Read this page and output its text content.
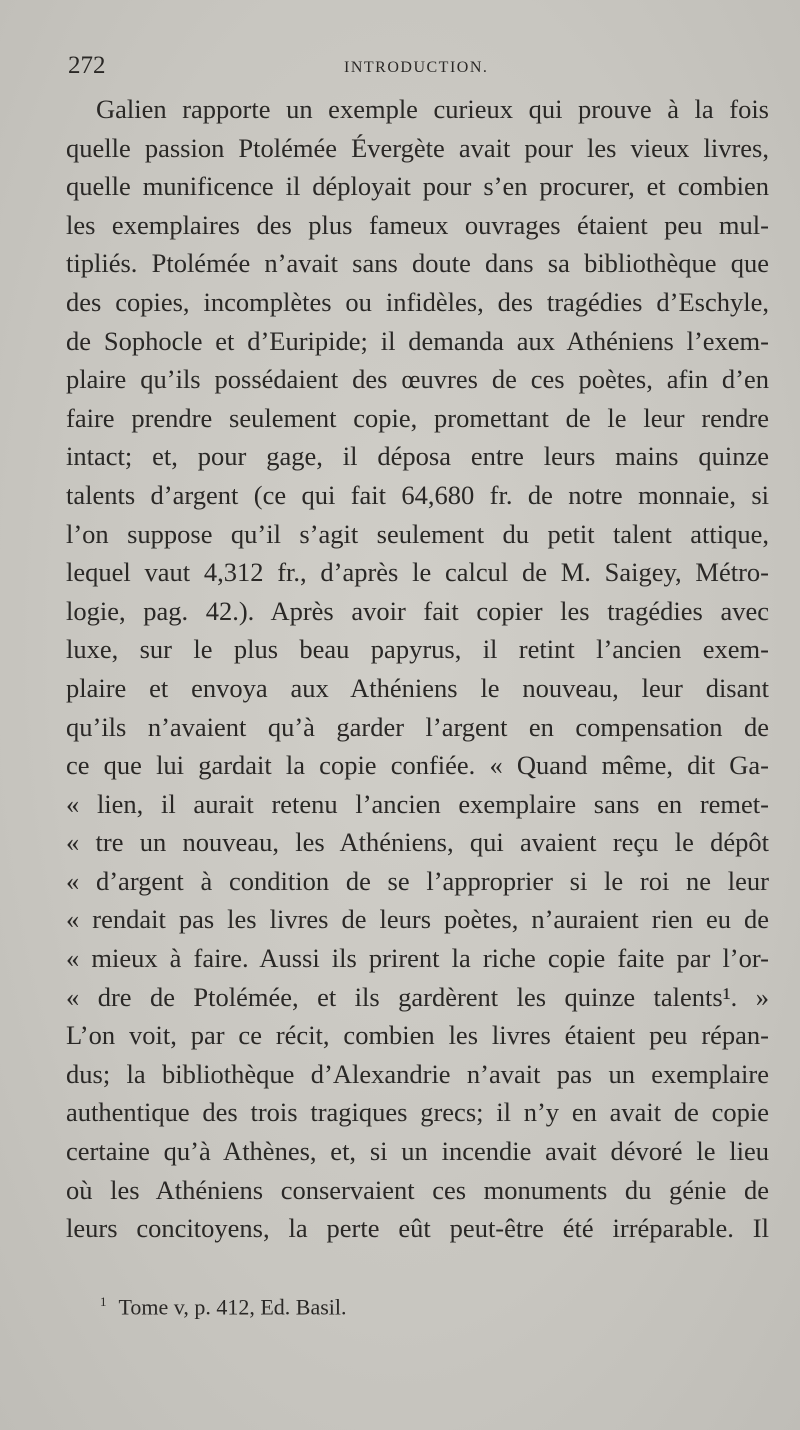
272	INTRODUCTION.
Galien rapporte un exemple curieux qui prouve à la fois
quelle passion Ptolémée Évergète avait pour les vieux livres,
quelle munificence il déployait pour s’en procurer, et combien
les exemplaires des plus fameux ouvrages étaient peu mul-
tipliés. Ptolémée n’avait sans doute dans sa bibliothèque que
des copies, incomplètes ou infidèles, des tragédies d’Eschyle,
de Sophocle et d’Euripide; il demanda aux Athéniens l’exem-
plaire qu’ils possédaient des œuvres de ces poètes, afin d’en
faire prendre seulement copie, promettant de le leur rendre
intact; et, pour gage, il déposa entre leurs mains quinze
talents d’argent (ce qui fait 64,680 fr. de notre monnaie, si
l’on suppose qu’il s’agit seulement du petit talent attique,
lequel vaut 4,312 fr., d’après le calcul de M. Saigey, Métro-
logie, pag. 42.). Après avoir fait copier les tragédies avec
luxe, sur le plus beau papyrus, il retint l’ancien exem-
plaire et envoya aux Athéniens le nouveau, leur disant
qu’ils n’avaient qu’à garder l’argent en compensation de
ce que lui gardait la copie confiée. « Quand même, dit Ga-
« lien, il aurait retenu l’ancien exemplaire sans en remet-
« tre un nouveau, les Athéniens, qui avaient reçu le dépôt
« d’argent à condition de se l’approprier si le roi ne leur
« rendait pas les livres de leurs poètes, n’auraient rien eu de
« mieux à faire. Aussi ils prirent la riche copie faite par l’or-
« dre de Ptolémée, et ils gardèrent les quinze talents¹. »
L’on voit, par ce récit, combien les livres étaient peu répan-
dus; la bibliothèque d’Alexandrie n’avait pas un exemplaire
authentique des trois tragiques grecs; il n’y en avait de copie
certaine qu’à Athènes, et, si un incendie avait dévoré le lieu
où les Athéniens conservaient ces monuments du génie de
leurs concitoyens, la perte eût peut-être été irréparable. Il
$^1$ Tome v, p. 412, Ed. Basil.
